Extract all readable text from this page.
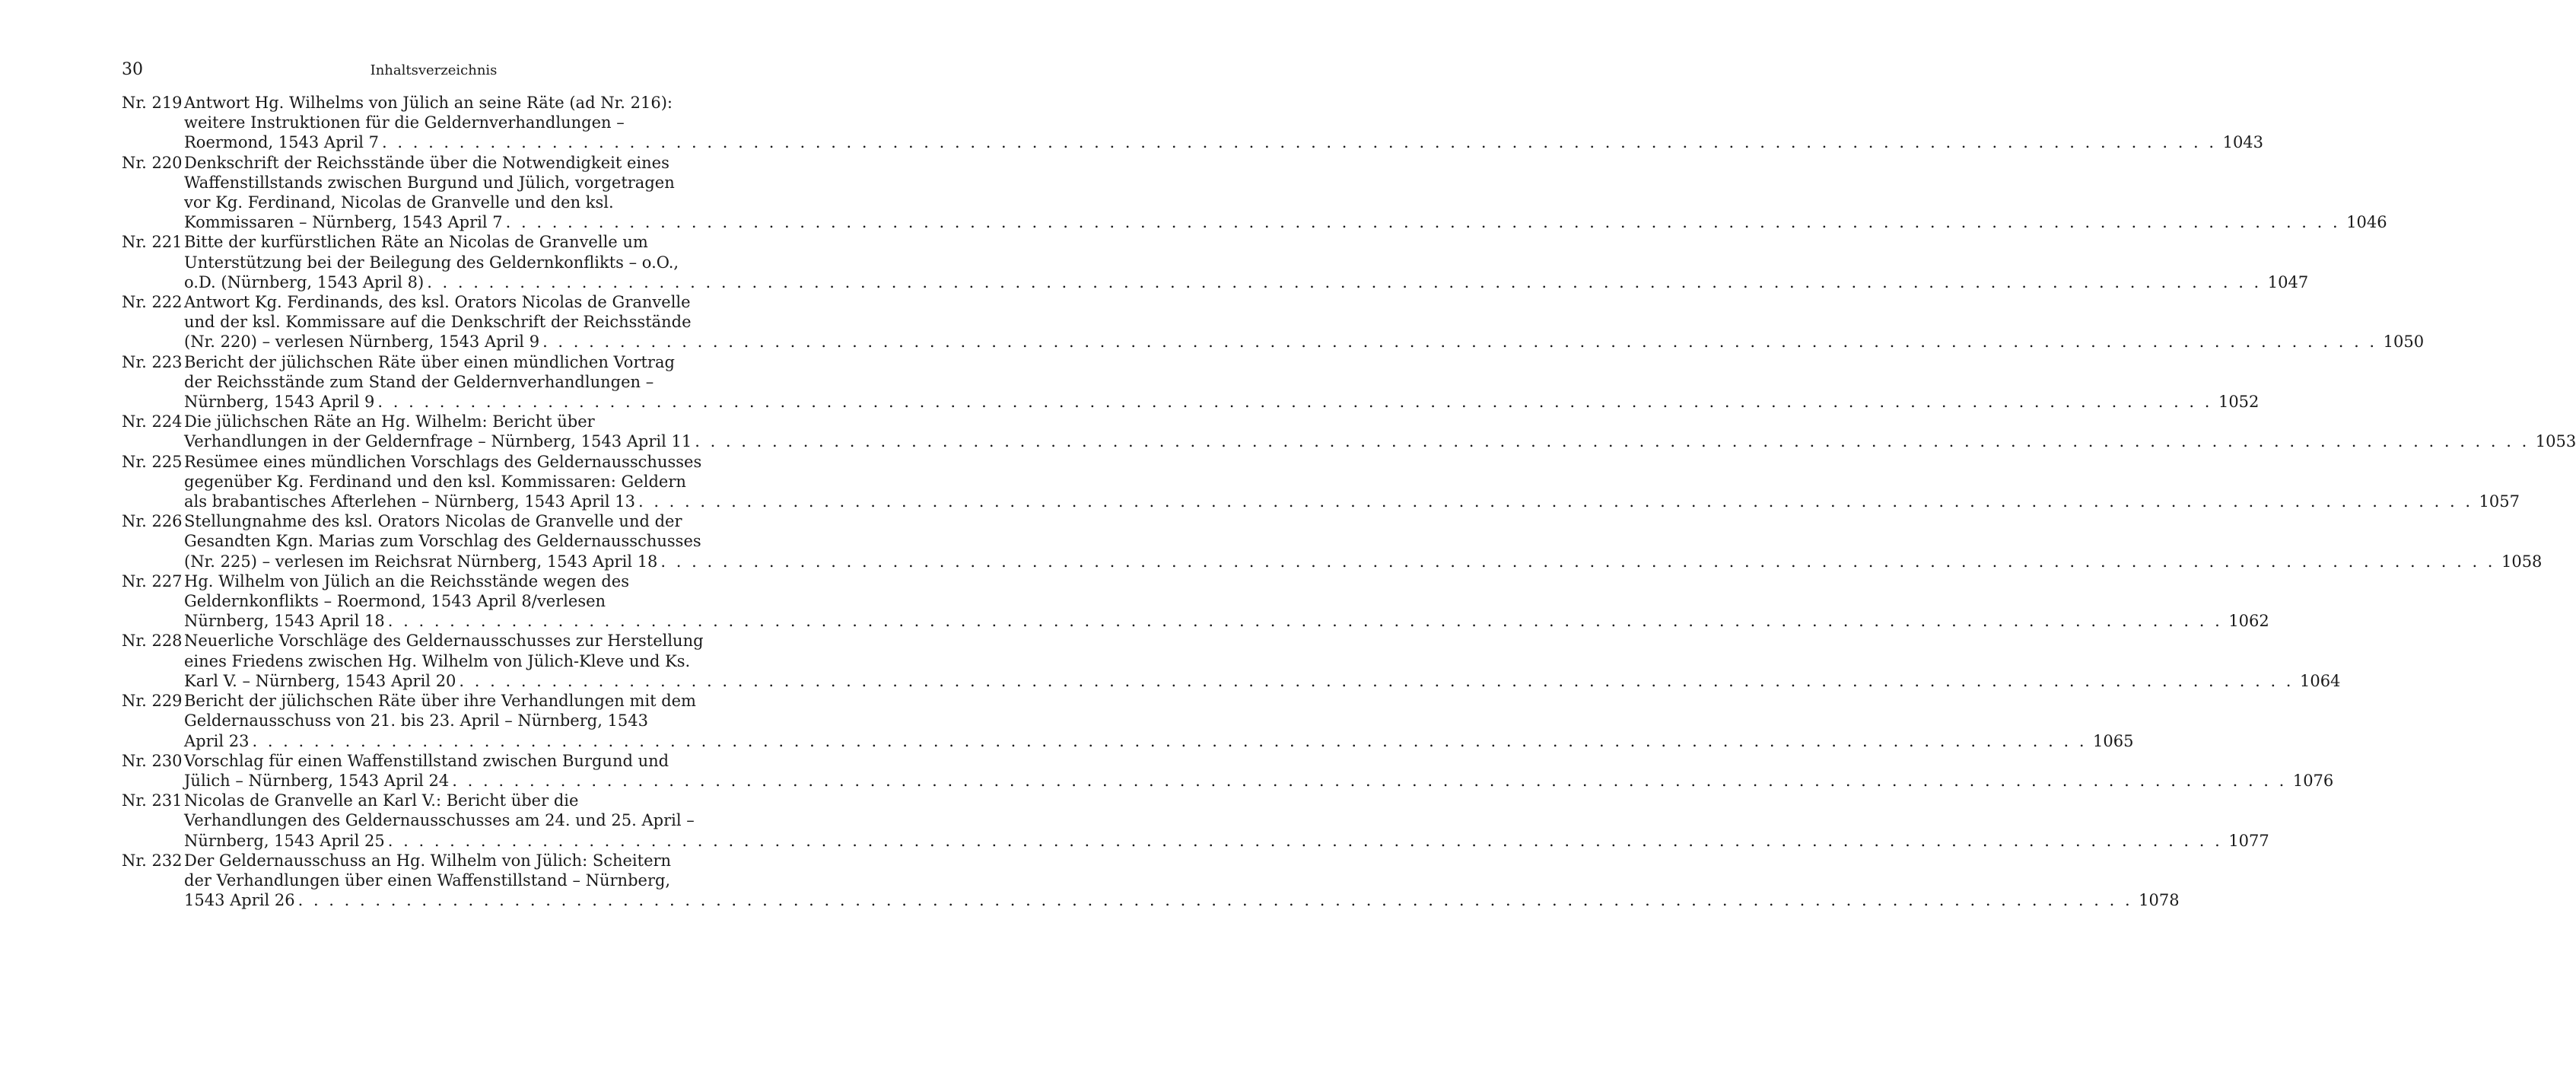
30	Inhaltsverzeichnis
Nr. 219 Antwort Hg. Wilhelms von Jülich an seine Räte (ad Nr. 216):
weitere Instruktionen für die Geldernverhandlungen –
Roermond, 1543 April 7 . . .	1043
Nr. 220 Denkschrift der Reichsstände über die Notwendigkeit eines
Waffenstillstands zwischen Burgund und Jülich, vorgetragen
vor Kg. Ferdinand, Nicolas de Granvelle und den ksl.
Kommissaren – Nürnberg, 1543 April 7 . . .	1046
Nr. 221 Bitte der kurfürstlichen Räte an Nicolas de Granvelle um
Unterstützung bei der Beilegung des Geldernkonflikts – o.O.,
o.D. (Nürnberg, 1543 April 8) . . .	1047
Nr. 222 Antwort Kg. Ferdinands, des ksl. Orators Nicolas de Granvelle
und der ksl. Kommissare auf die Denkschrift der Reichsstände
(Nr. 220) – verlesen Nürnberg, 1543 April 9 . . .	1050
Nr. 223 Bericht der jülichschen Räte über einen mündlichen Vortrag
der Reichsstände zum Stand der Geldernverhandlungen –
Nürnberg, 1543 April 9 . . .	1052
Nr. 224 Die jülichschen Räte an Hg. Wilhelm: Bericht über
Verhandlungen in der Geldernfrage – Nürnberg, 1543 April 11 . . .	1053
Nr. 225 Resümee eines mündlichen Vorschlags des Geldernausschusses
gegenüber Kg. Ferdinand und den ksl. Kommissaren: Geldern
als brabantisches Afterlehen – Nürnberg, 1543 April 13 . . .	1057
Nr. 226 Stellungnahme des ksl. Orators Nicolas de Granvelle und der
Gesandten Kgn. Marias zum Vorschlag des Geldernausschusses
(Nr. 225) – verlesen im Reichsrat Nürnberg, 1543 April 18 . . .	1058
Nr. 227 Hg. Wilhelm von Jülich an die Reichsstände wegen des
Geldernkonflikts – Roermond, 1543 April 8/verlesen
Nürnberg, 1543 April 18 . . .	1062
Nr. 228 Neuerliche Vorschläge des Geldernausschusses zur Herstellung
eines Friedens zwischen Hg. Wilhelm von Jülich-Kleve und Ks.
Karl V. – Nürnberg, 1543 April 20 . . .	1064
Nr. 229 Bericht der jülichschen Räte über ihre Verhandlungen mit dem
Geldernausschuss von 21. bis 23. April – Nürnberg, 1543
April 23 . . .	1065
Nr. 230 Vorschlag für einen Waffenstillstand zwischen Burgund und
Jülich – Nürnberg, 1543 April 24 . . .	1076
Nr. 231 Nicolas de Granvelle an Karl V.: Bericht über die
Verhandlungen des Geldernausschusses am 24. und 25. April –
Nürnberg, 1543 April 25 . . .	1077
Nr. 232 Der Geldernausschuss an Hg. Wilhelm von Jülich: Scheitern
der Verhandlungen über einen Waffenstillstand – Nürnberg,
1543 April 26 . . .	1078
